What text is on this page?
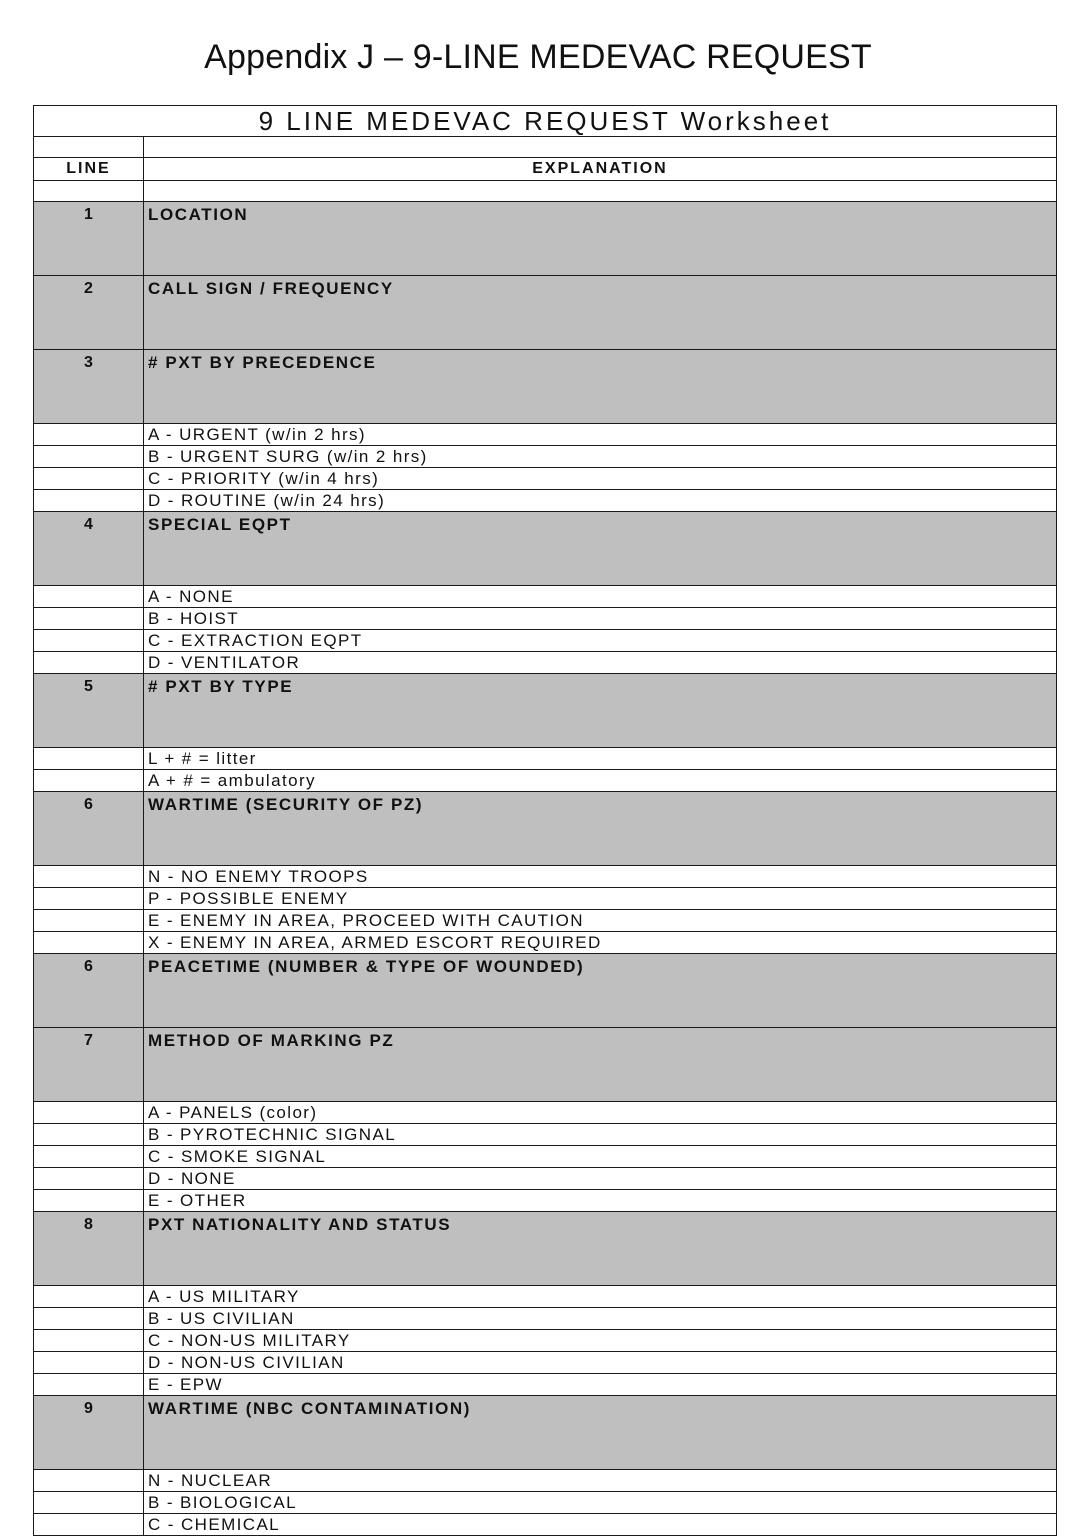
Appendix J – 9-LINE MEDEVAC REQUEST
9 LINE MEDEVAC REQUEST Worksheet	

LINE	EXPLANATION

1	LOCATION
2	CALL SIGN / FREQUENCY
3	# PXT BY PRECEDENCE
	A - URGENT (w/in 2 hrs)
	B - URGENT SURG (w/in 2 hrs)
	C - PRIORITY (w/in 4 hrs)
	D - ROUTINE (w/in 24 hrs)
4	SPECIAL EQPT
	A - NONE
	B - HOIST
	C - EXTRACTION EQPT
	D - VENTILATOR
5	# PXT BY TYPE
	L + # = litter
	A + # = ambulatory
6	WARTIME (SECURITY OF PZ)
	N - NO ENEMY TROOPS
	P - POSSIBLE ENEMY
	E - ENEMY IN AREA, PROCEED WITH CAUTION
	X - ENEMY IN AREA, ARMED ESCORT REQUIRED
6	PEACETIME (NUMBER & TYPE OF WOUNDED)
7	METHOD OF MARKING PZ
	A - PANELS (color)
	B - PYROTECHNIC SIGNAL
	C - SMOKE SIGNAL
	D - NONE
	E - OTHER
8	PXT NATIONALITY AND STATUS
	A - US MILITARY
	B - US CIVILIAN
	C - NON-US MILITARY
	D - NON-US CIVILIAN
	E - EPW
9	WARTIME (NBC CONTAMINATION)
	N - NUCLEAR
	B - BIOLOGICAL
	C - CHEMICAL
